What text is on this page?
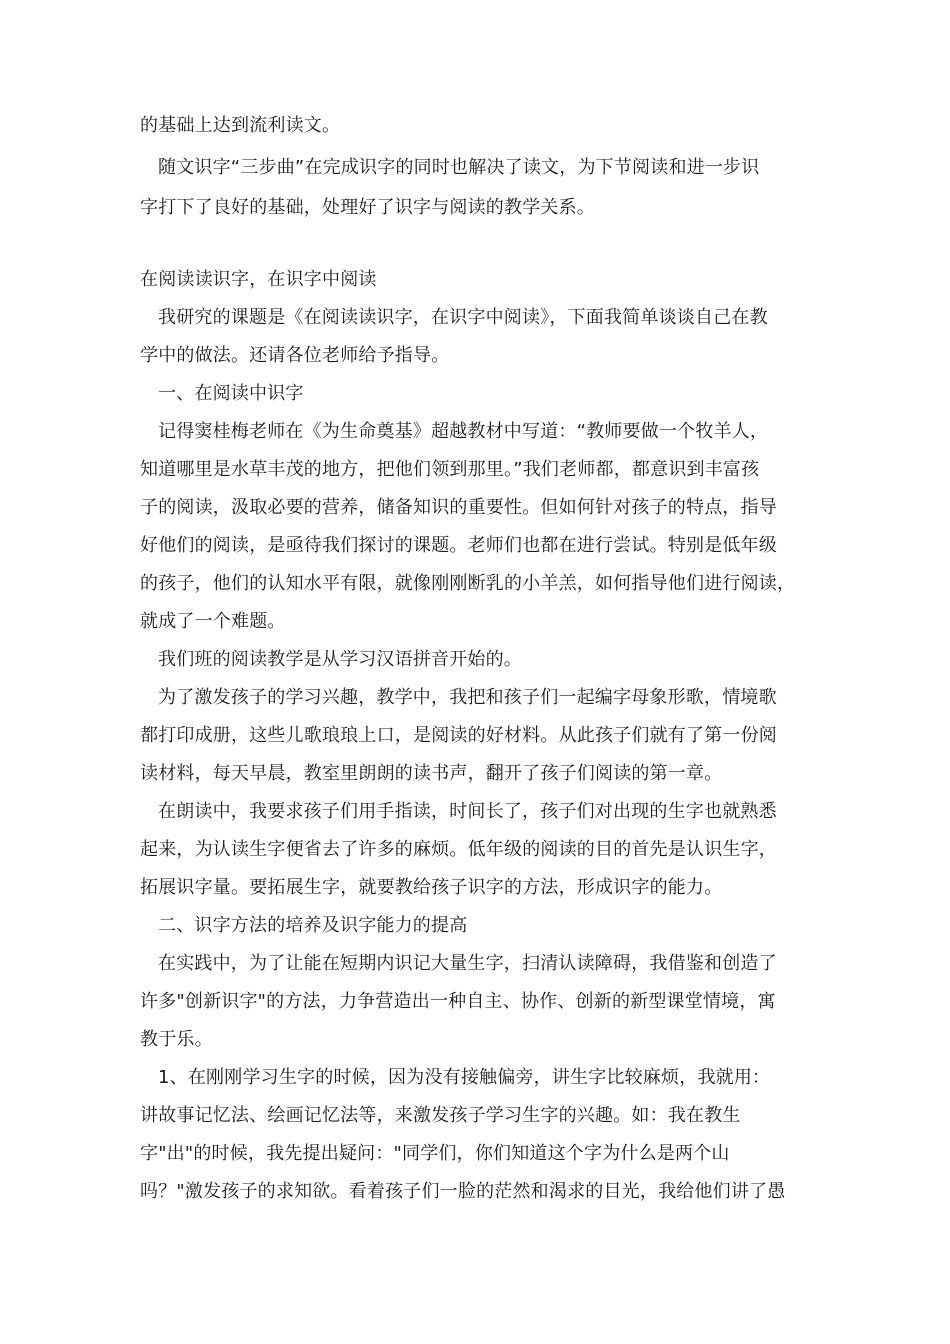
的基础上达到流利读文。
随文识字“三步曲”在完成识字的同时也解决了读文，为下节阅读和进一步识
字打下了良好的基础，处理好了识字与阅读的教学关系。
在阅读读识字，在识字中阅读
我研究的课题是《在阅读读识字，在识字中阅读》，下面我简单谈谈自己在教
学中的做法。还请各位老师给予指导。
一、在阅读中识字
记得窦桂梅老师在《为生命奠基》超越教材中写道：“教师要做一个牧羊人，
知道哪里是水草丰茂的地方，把他们领到那里。”我们老师都，都意识到丰富孩
子的阅读，汲取必要的营养，储备知识的重要性。但如何针对孩子的特点，指导
好他们的阅读，是亟待我们探讨的课题。老师们也都在进行尝试。特别是低年级
的孩子，他们的认知水平有限，就像刚刚断乳的小羊羔，如何指导他们进行阅读，
就成了一个难题。
我们班的阅读教学是从学习汉语拼音开始的。
为了激发孩子的学习兴趣，教学中，我把和孩子们一起编字母象形歌，情境歌
都打印成册，这些儿歌琅琅上口，是阅读的好材料。从此孩子们就有了第一份阅
读材料，每天早晨，教室里朗朗的读书声，翻开了孩子们阅读的第一章。
在朗读中，我要求孩子们用手指读，时间长了，孩子们对出现的生字也就熟悉
起来，为认读生字便省去了许多的麻烦。低年级的阅读的目的首先是认识生字，
拓展识字量。要拓展生字，就要教给孩子识字的方法，形成识字的能力。
二、识字方法的培养及识字能力的提高
在实践中，为了让能在短期内识记大量生字，扫清认读障碍，我借鉴和创造了
许多"创新识字"的方法，力争营造出一种自主、协作、创新的新型课堂情境，寓
教于乐。
1、在刚刚学习生字的时候，因为没有接触偏旁，讲生字比较麻烦，我就用：
讲故事记忆法、绘画记忆法等，来激发孩子学习生字的兴趣。如：我在教生
字"出"的时候，我先提出疑问："同学们，你们知道这个字为什么是两个山
吗？"激发孩子的求知欲。看着孩子们一脸的茫然和渴求的目光，我给他们讲了愚
